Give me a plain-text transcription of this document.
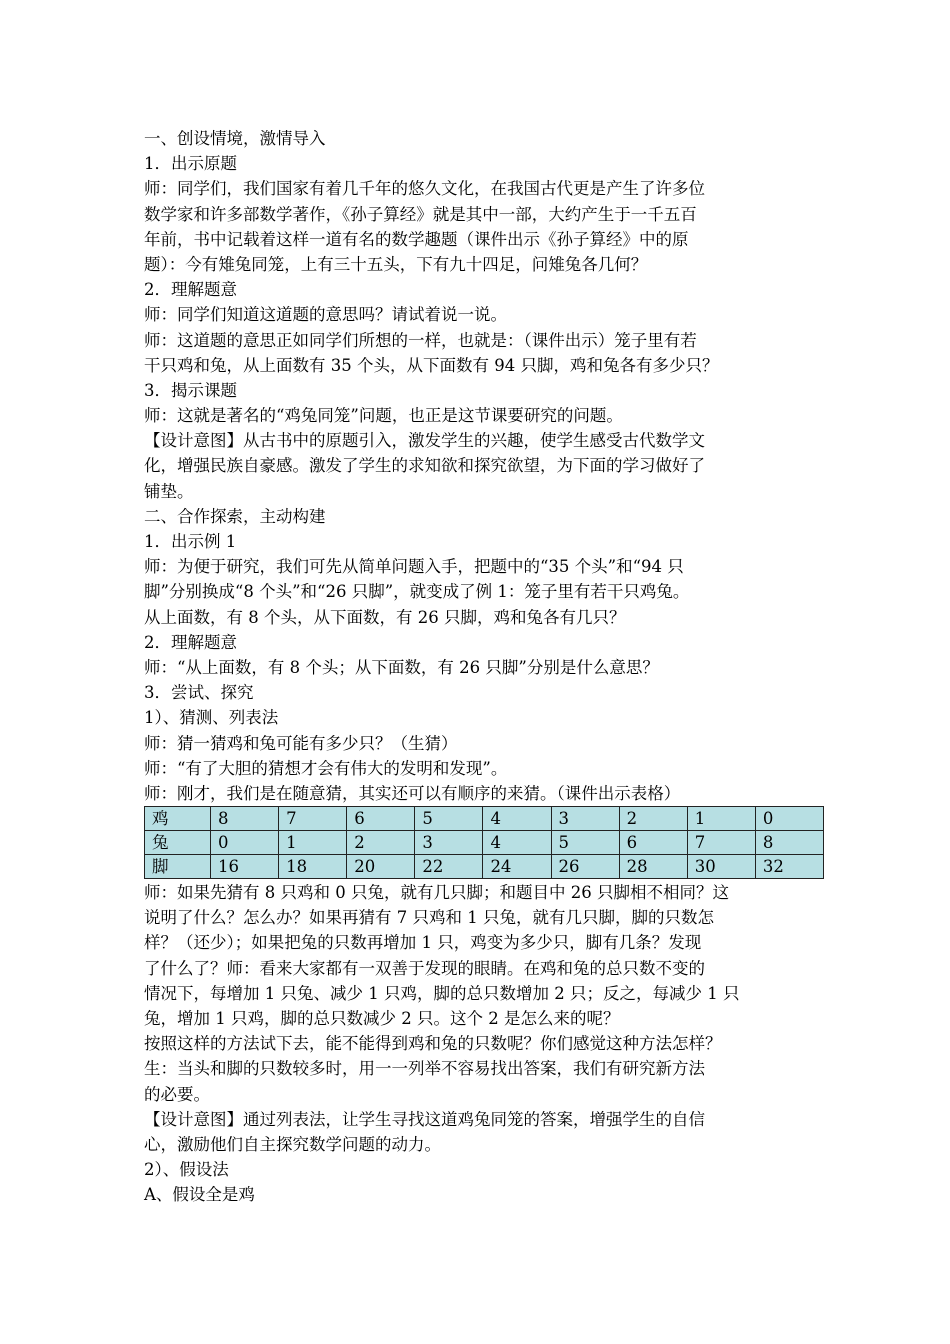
一、创设情境，激情导入

1．出示原题

师：同学们，我们国家有着几千年的悠久文化，在我国古代更是产生了许多位

数学家和许多部数学著作，《孙子算经》就是其中一部，大约产生于一千五百

年前，书中记载着这样一道有名的数学趣题（课件出示《孙子算经》中的原

题）：今有雉兔同笼，上有三十五头，下有九十四足，问雉兔各几何？

2．理解题意

师：同学们知道这道题的意思吗？请试着说一说。

师：这道题的意思正如同学们所想的一样，也就是：（课件出示）笼子里有若

干只鸡和兔，从上面数有 35 个头，从下面数有 94 只脚，鸡和兔各有多少只？

3．揭示课题

师：这就是著名的“鸡兔同笼”问题，也正是这节课要研究的问题。

【设计意图】从古书中的原题引入，激发学生的兴趣，使学生感受古代数学文

化，增强民族自豪感。激发了学生的求知欲和探究欲望，为下面的学习做好了

铺垫。

二、合作探索，主动构建

1．出示例 1

师：为便于研究，我们可先从简单问题入手，把题中的“35 个头”和“94 只

脚”分别换成“8 个头”和“26 只脚”，就变成了例 1：笼子里有若干只鸡兔。

从上面数，有 8 个头，从下面数，有 26 只脚，鸡和兔各有几只？

2．理解题意

师：“从上面数，有 8 个头；从下面数，有 26 只脚”分别是什么意思？

3．尝试、探究

1）、猜测、列表法

师：猜一猜鸡和兔可能有多少只？（生猜）

师：“有了大胆的猜想才会有伟大的发明和发现”。

师：刚才，我们是在随意猜，其实还可以有顺序的来猜。（课件出示表格）

鸡	8	7	6	5	4	3	2	1	0
兔	0	1	2	3	4	5	6	7	8
脚	16	18	20	22	24	26	28	30	32

师：如果先猜有 8 只鸡和 0 只兔，就有几只脚；和题目中 26 只脚相不相同？这

说明了什么？怎么办？如果再猜有 7 只鸡和 1 只兔，就有几只脚，脚的只数怎

样？（还少）；如果把兔的只数再增加 1 只，鸡变为多少只，脚有几条？发现

了什么了？师：看来大家都有一双善于发现的眼睛。在鸡和兔的总只数不变的

情况下，每增加 1 只兔、减少 1 只鸡，脚的总只数增加 2 只；反之，每减少 1 只

兔，增加 1 只鸡，脚的总只数减少 2 只。这个 2 是怎么来的呢？

按照这样的方法试下去，能不能得到鸡和兔的只数呢？你们感觉这种方法怎样？

生：当头和脚的只数较多时，用一一列举不容易找出答案，我们有研究新方法

的必要。

【设计意图】通过列表法，让学生寻找这道鸡兔同笼的答案，增强学生的自信

心，激励他们自主探究数学问题的动力。

2）、假设法

A、假设全是鸡
